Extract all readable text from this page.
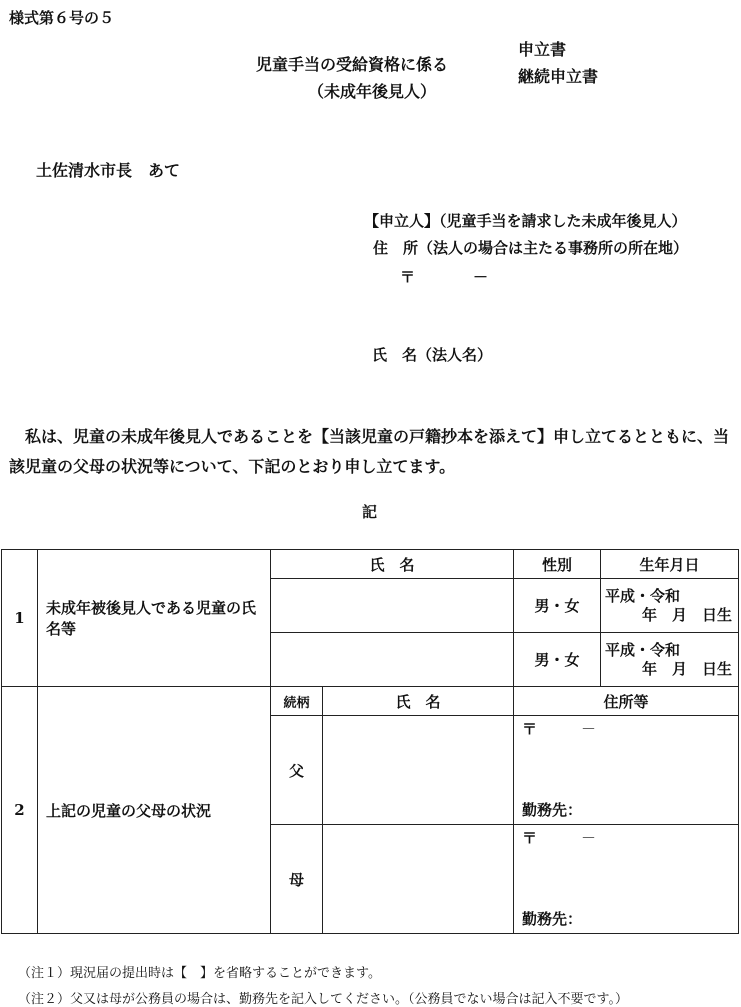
様式第６号の５
児童手当の受給資格に係る
（未成年後見人）
申立書
継続申立書
土佐清水市長　あて
【申立人】（児童手当を請求した未成年後見人）
住　所（法人の場合は主たる事務所の所在地）
〒	－
氏　名（法人名）
私は、児童の未成年後見人であることを【当該児童の戸籍抄本を添えて】申し立てるとともに、当該児童の父母の状況等について、下記のとおり申し立てます。
記
1	未成年被後見人である児童の氏名等	氏　名		性別	生年月日
				男・女	平成・令和
年　月　日生

				男・女	平成・令和
年　月　日生

2	上記の児童の父母の状況	続柄	氏　名	住所等	
		父		〒 －
勤務先：	

		母		〒 －
勤務先：	
（注１）現況届の提出時は【　】を省略することができます。
（注２）父又は母が公務員の場合は、勤務先を記入してください。（公務員でない場合は記入不要です。）
